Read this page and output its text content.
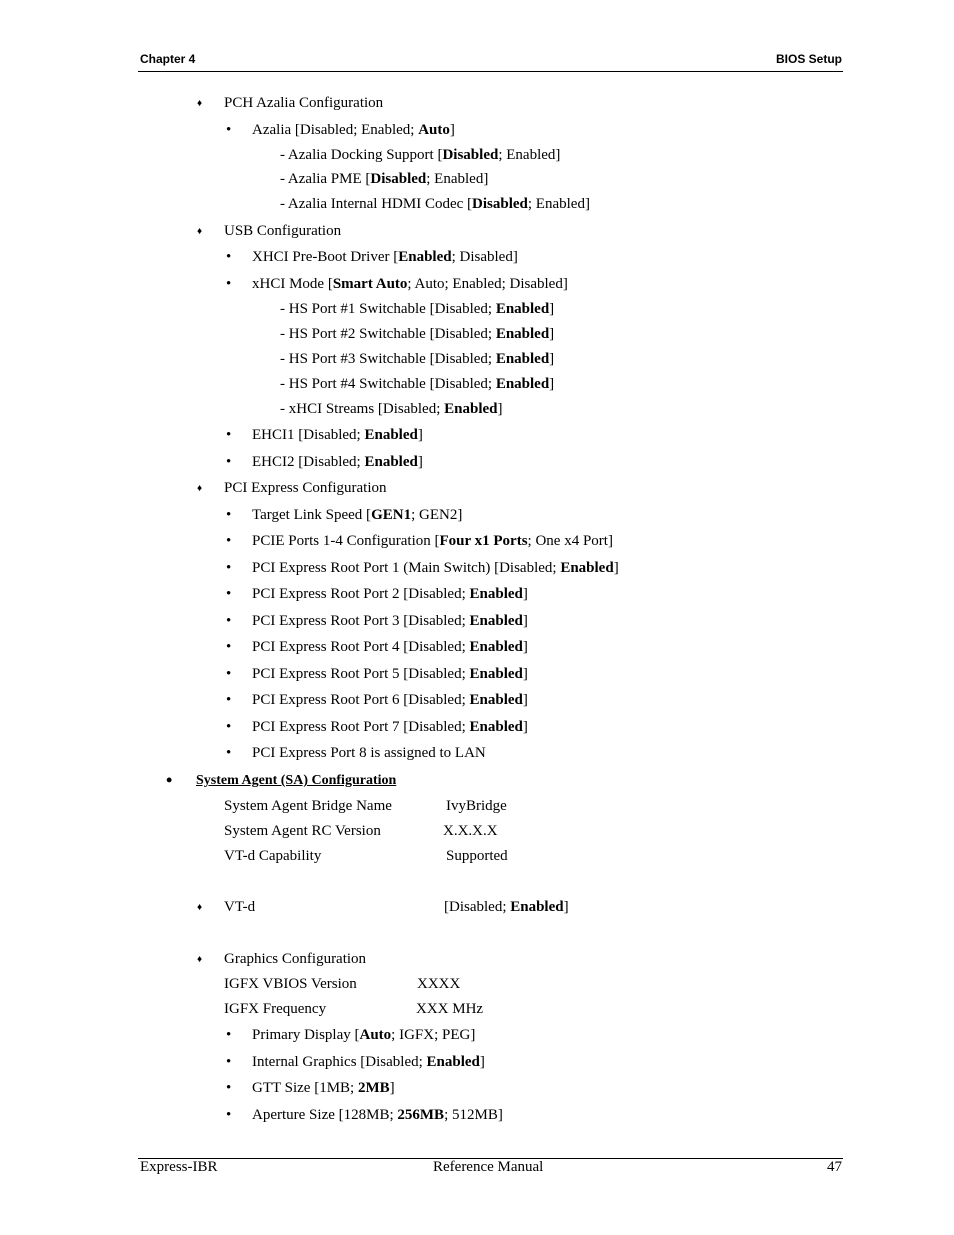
Chapter 4	BIOS Setup
♦ PCH Azalia Configuration
• Azalia [Disabled; Enabled; Auto]
- Azalia Docking Support [Disabled; Enabled]
- Azalia PME [Disabled; Enabled]
- Azalia Internal HDMI Codec [Disabled; Enabled]
♦ USB Configuration
• XHCI Pre-Boot Driver [Enabled; Disabled]
• xHCI Mode [Smart Auto; Auto; Enabled; Disabled]
- HS Port #1 Switchable [Disabled; Enabled]
- HS Port #2 Switchable [Disabled; Enabled]
- HS Port #3 Switchable [Disabled; Enabled]
- HS Port #4 Switchable [Disabled; Enabled]
- xHCI Streams [Disabled; Enabled]
• EHCI1 [Disabled; Enabled]
• EHCI2 [Disabled; Enabled]
♦ PCI Express Configuration
• Target Link Speed [GEN1; GEN2]
• PCIE Ports 1-4 Configuration [Four x1 Ports; One x4 Port]
• PCI Express Root Port 1 (Main Switch) [Disabled; Enabled]
• PCI Express Root Port 2 [Disabled; Enabled]
• PCI Express Root Port 3 [Disabled; Enabled]
• PCI Express Root Port 4 [Disabled; Enabled]
• PCI Express Root Port 5 [Disabled; Enabled]
• PCI Express Root Port 6 [Disabled; Enabled]
• PCI Express Root Port 7 [Disabled; Enabled]
• PCI Express Port 8 is assigned to LAN
• System Agent (SA) Configuration
System Agent Bridge Name	IvyBridge
System Agent RC Version	X.X.X.X
VT-d Capability	Supported
♦ VT-d	[Disabled; Enabled]
♦ Graphics Configuration
IGFX VBIOS Version	XXXX
IGFX Frequency	XXX MHz
• Primary Display [Auto; IGFX; PEG]
• Internal Graphics [Disabled; Enabled]
• GTT Size [1MB; 2MB]
• Aperture Size [128MB; 256MB; 512MB]
Express-IBR	Reference Manual	47
